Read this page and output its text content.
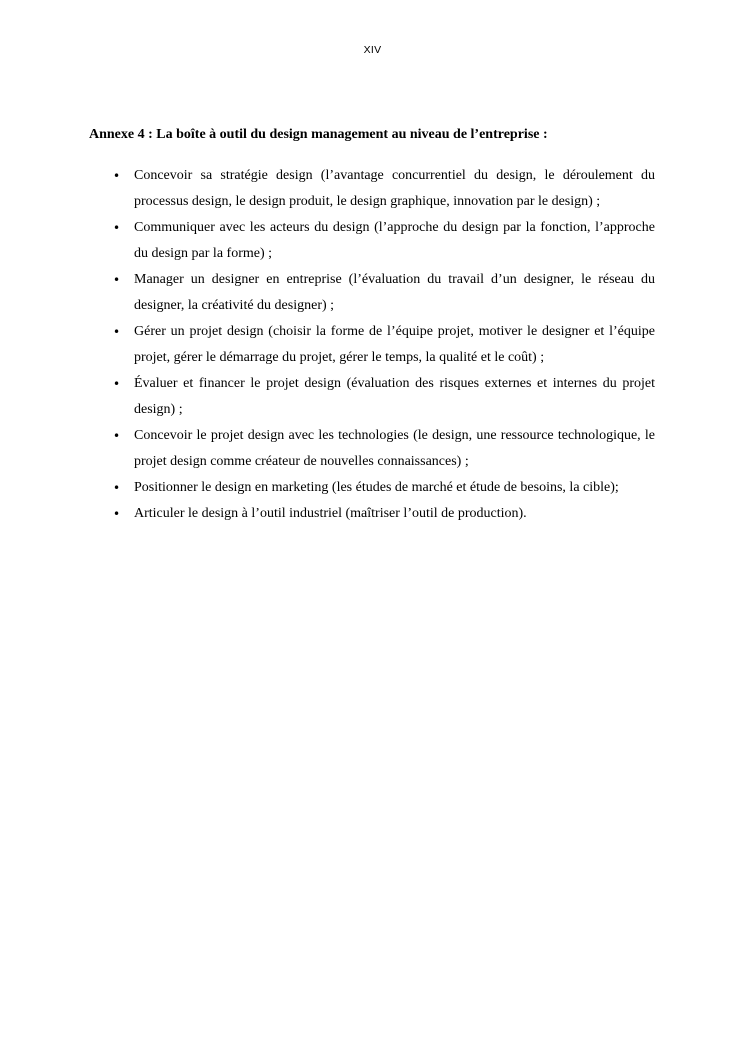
XIV
Annexe 4 : La boîte à outil du design management au niveau de l’entreprise :
• Concevoir sa stratégie design (l’avantage concurrentiel du design, le déroulement du processus design, le design produit, le design graphique, innovation par le design) ;
• Communiquer avec les acteurs du design (l’approche du design par la fonction, l’approche du design par la forme) ;
• Manager un designer en entreprise (l’évaluation du travail d’un designer, le réseau du designer, la créativité du designer) ;
• Gérer un projet design (choisir la forme de l’équipe projet, motiver le designer et l’équipe projet, gérer le démarrage du projet, gérer le temps, la qualité et le coût) ;
• Évaluer et financer le projet design (évaluation des risques externes et internes du projet design) ;
• Concevoir le projet design avec les technologies (le design, une ressource technologique, le projet design comme créateur de nouvelles connaissances) ;
• Positionner le design en marketing (les études de marché et étude de besoins, la cible);
• Articuler le design à l’outil industriel (maîtriser l’outil de production).
